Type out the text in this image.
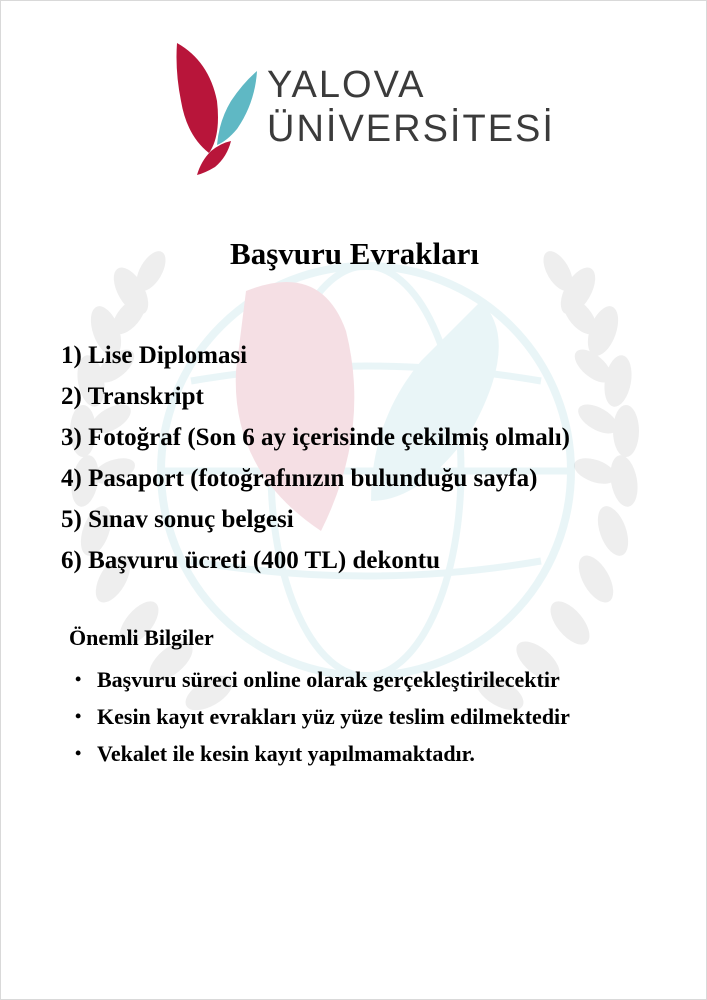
YALOVA
ÜNİVERSİTESİ
Başvuru Evrakları
1) Lise Diplomasi
2) Transkript
3) Fotoğraf (Son 6 ay içerisinde çekilmiş olmalı)
4) Pasaport (fotoğrafınızın bulunduğu sayfa)
5) Sınav sonuç belgesi
6) Başvuru ücreti (400 TL) dekontu
Önemli Bilgiler
• Başvuru süreci online olarak gerçekleştirilecektir
• Kesin kayıt evrakları yüz yüze teslim edilmektedir
• Vekalet ile kesin kayıt yapılmamaktadır.
